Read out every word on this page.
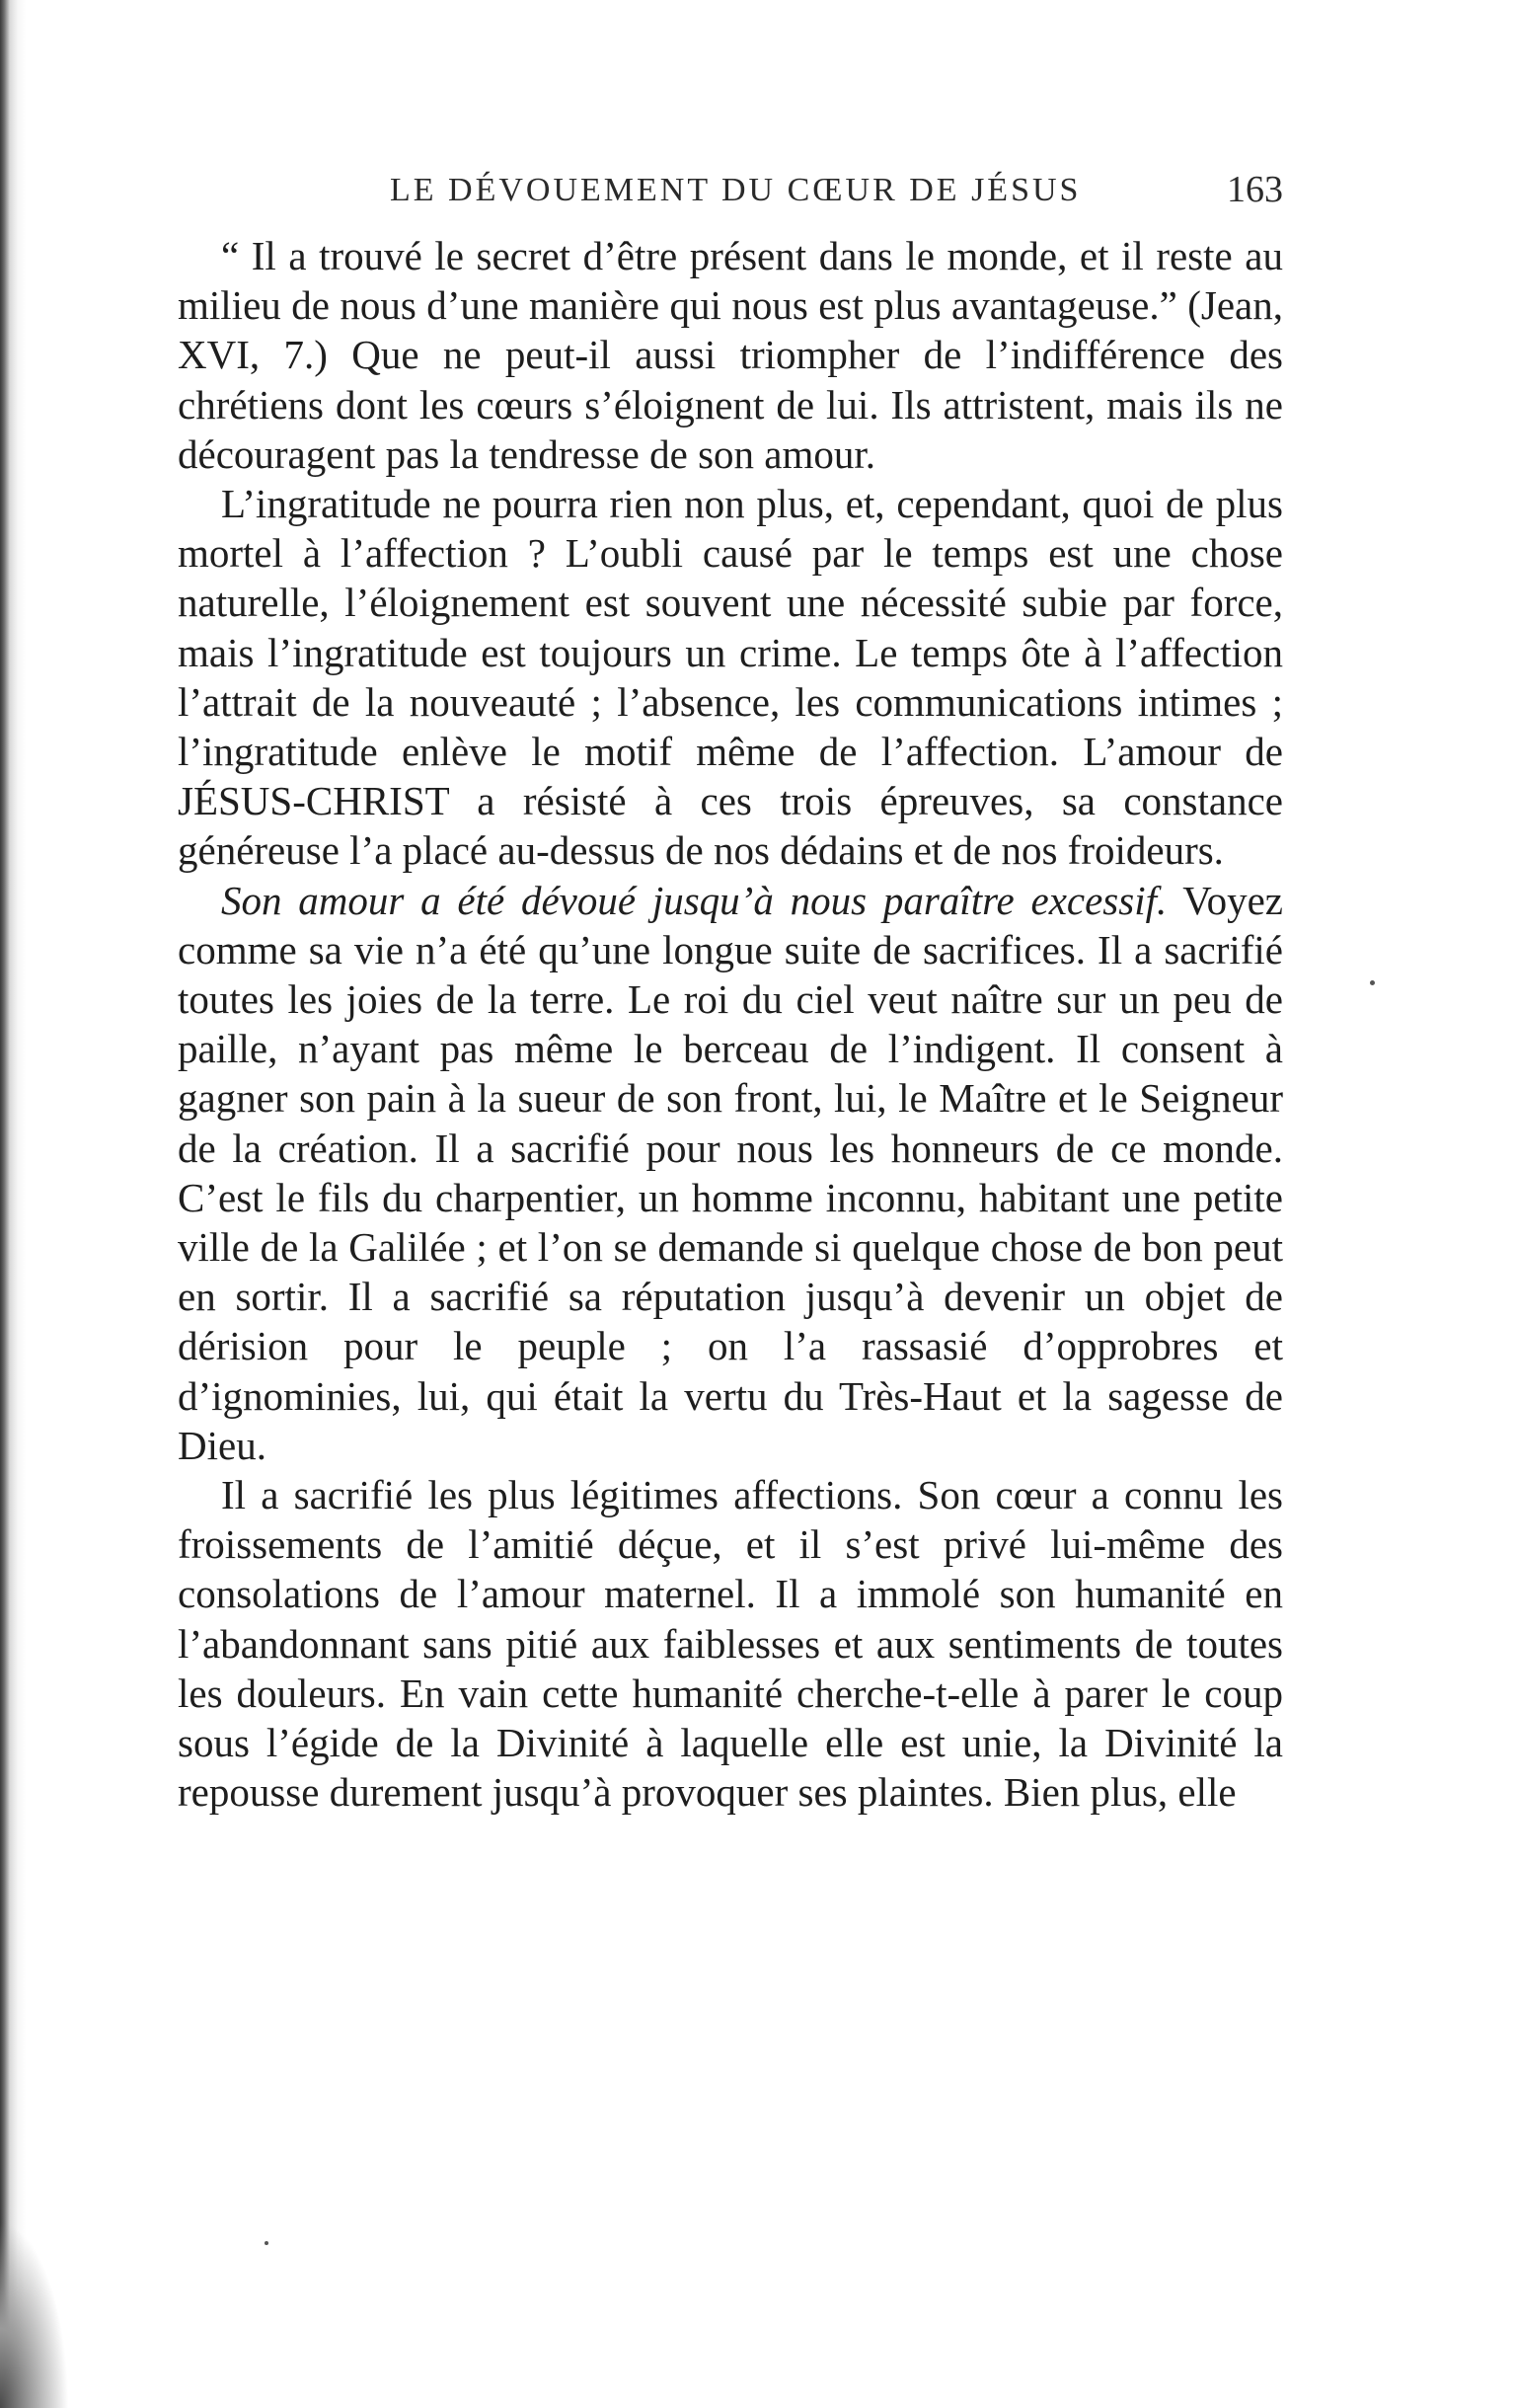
LE DÉVOUEMENT DU CŒUR DE JÉSUS	163

“ Il a trouvé le secret d’être présent dans le monde, et il reste au milieu de nous d’une manière qui nous est plus avantageuse.” (Jean, XVI, 7.) Que ne peut-il aussi triompher de l’indifférence des chrétiens dont les cœurs s’éloignent de lui. Ils attristent, mais ils ne découragent pas la tendresse de son amour.

L’ingratitude ne pourra rien non plus, et, cependant, quoi de plus mortel à l’affection ? L’oubli causé par le temps est une chose naturelle, l’éloignement est souvent une nécessité subie par force, mais l’ingratitude est toujours un crime. Le temps ôte à l’affection l’attrait de la nouveauté ; l’absence, les communications intimes ; l’ingratitude enlève le motif même de l’affection. L’amour de JÉSUS-CHRIST a résisté à ces trois épreuves, sa constance généreuse l’a placé au-dessus de nos dédains et de nos froideurs.

Son amour a été dévoué jusqu’à nous paraître excessif. Voyez comme sa vie n’a été qu’une longue suite de sacrifices. Il a sacrifié toutes les joies de la terre. Le roi du ciel veut naître sur un peu de paille, n’ayant pas même le berceau de l’indigent. Il consent à gagner son pain à la sueur de son front, lui, le Maître et le Seigneur de la création. Il a sacrifié pour nous les honneurs de ce monde. C’est le fils du charpentier, un homme inconnu, habitant une petite ville de la Galilée ; et l’on se demande si quelque chose de bon peut en sortir. Il a sacrifié sa réputation jusqu’à devenir un objet de dérision pour le peuple ; on l’a rassasié d’opprobres et d’ignominies, lui, qui était la vertu du Très-Haut et la sagesse de Dieu.

Il a sacrifié les plus légitimes affections. Son cœur a connu les froissements de l’amitié déçue, et il s’est privé lui-même des consolations de l’amour maternel. Il a immolé son humanité en l’abandonnant sans pitié aux faiblesses et aux sentiments de toutes les douleurs. En vain cette humanité cherche-t-elle à parer le coup sous l’égide de la Divinité à laquelle elle est unie, la Divinité la repousse durement jusqu’à provoquer ses plaintes. Bien plus, elle
